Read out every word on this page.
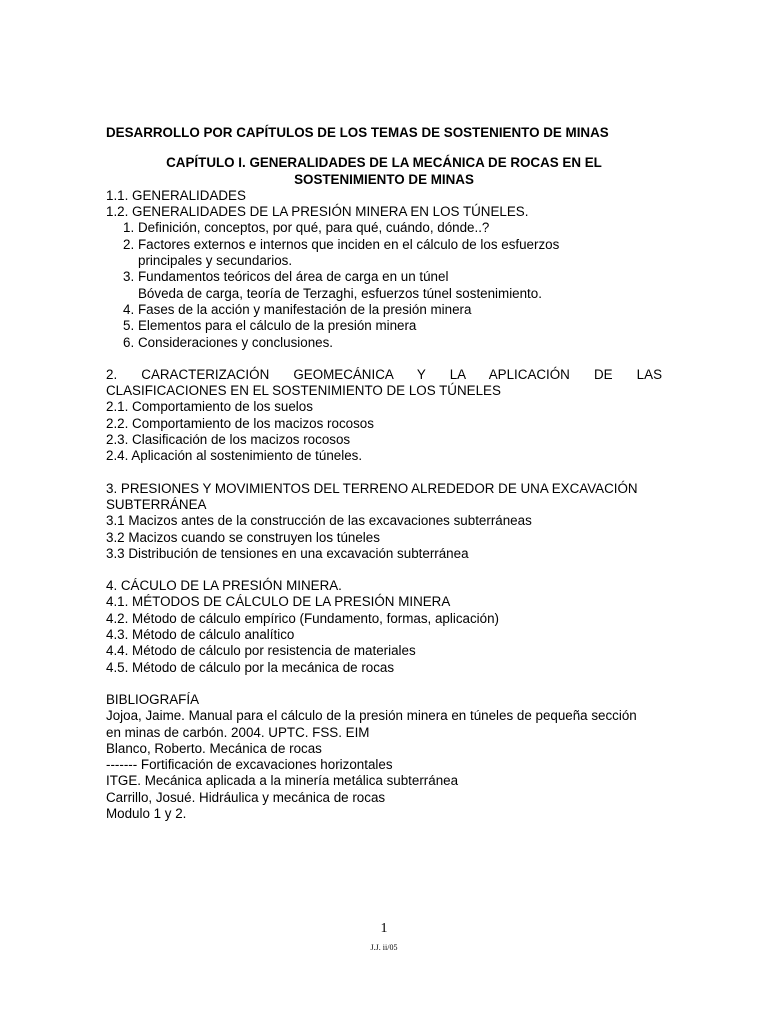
DESARROLLO POR CAPÍTULOS DE LOS TEMAS DE SOSTENIENTO DE MINAS

CAPÍTULO I. GENERALIDADES DE LA MECÁNICA DE ROCAS EN EL
SOSTENIMIENTO DE MINAS

1.1. GENERALIDADES

1.2. GENERALIDADES DE LA PRESIÓN MINERA EN LOS TÚNELES.

1. Definición, conceptos, por qué, para qué, cuándo, dónde..?
2. Factores externos e internos que inciden en el cálculo de los esfuerzos
principales y secundarios.
3. Fundamentos teóricos del área de carga en un túnel
Bóveda de carga, teoría de Terzaghi, esfuerzos túnel sostenimiento.
4. Fases de la acción y manifestación de la presión minera
5. Elementos para el cálculo de la presión minera
6. Consideraciones y conclusiones.

2. CARACTERIZACIÓN GEOMECÁNICA Y LA APLICACIÓN DE LAS

CLASIFICACIONES EN EL SOSTENIMIENTO DE LOS TÚNELES

2.1. Comportamiento de los suelos

2.2. Comportamiento de los macizos rocosos

2.3. Clasificación de los macizos rocosos

2.4. Aplicación al sostenimiento de túneles.

3. PRESIONES Y MOVIMIENTOS DEL TERRENO ALREDEDOR DE UNA EXCAVACIÓN

SUBTERRÁNEA

3.1 Macizos antes de la construcción de las excavaciones subterráneas

3.2 Macizos cuando se construyen los túneles

3.3 Distribución de tensiones en una excavación subterránea

4. CÁCULO DE LA PRESIÓN MINERA.

4.1. MÉTODOS DE CÁLCULO DE LA PRESIÓN MINERA

4.2. Método de cálculo empírico (Fundamento, formas, aplicación)

4.3. Método de cálculo analítico

4.4. Método de cálculo por resistencia de materiales

4.5. Método de cálculo por la mecánica de rocas

BIBLIOGRAFÍA

Jojoa, Jaime. Manual para el cálculo de la presión minera en túneles de pequeña sección

en minas de carbón. 2004. UPTC. FSS. EIM

Blanco, Roberto. Mecánica de rocas

------- Fortificación de excavaciones horizontales

ITGE. Mecánica aplicada a la minería metálica subterránea

Carrillo, Josué. Hidráulica y mecánica de rocas

Modulo 1 y 2.

1
J.J. ii/05
